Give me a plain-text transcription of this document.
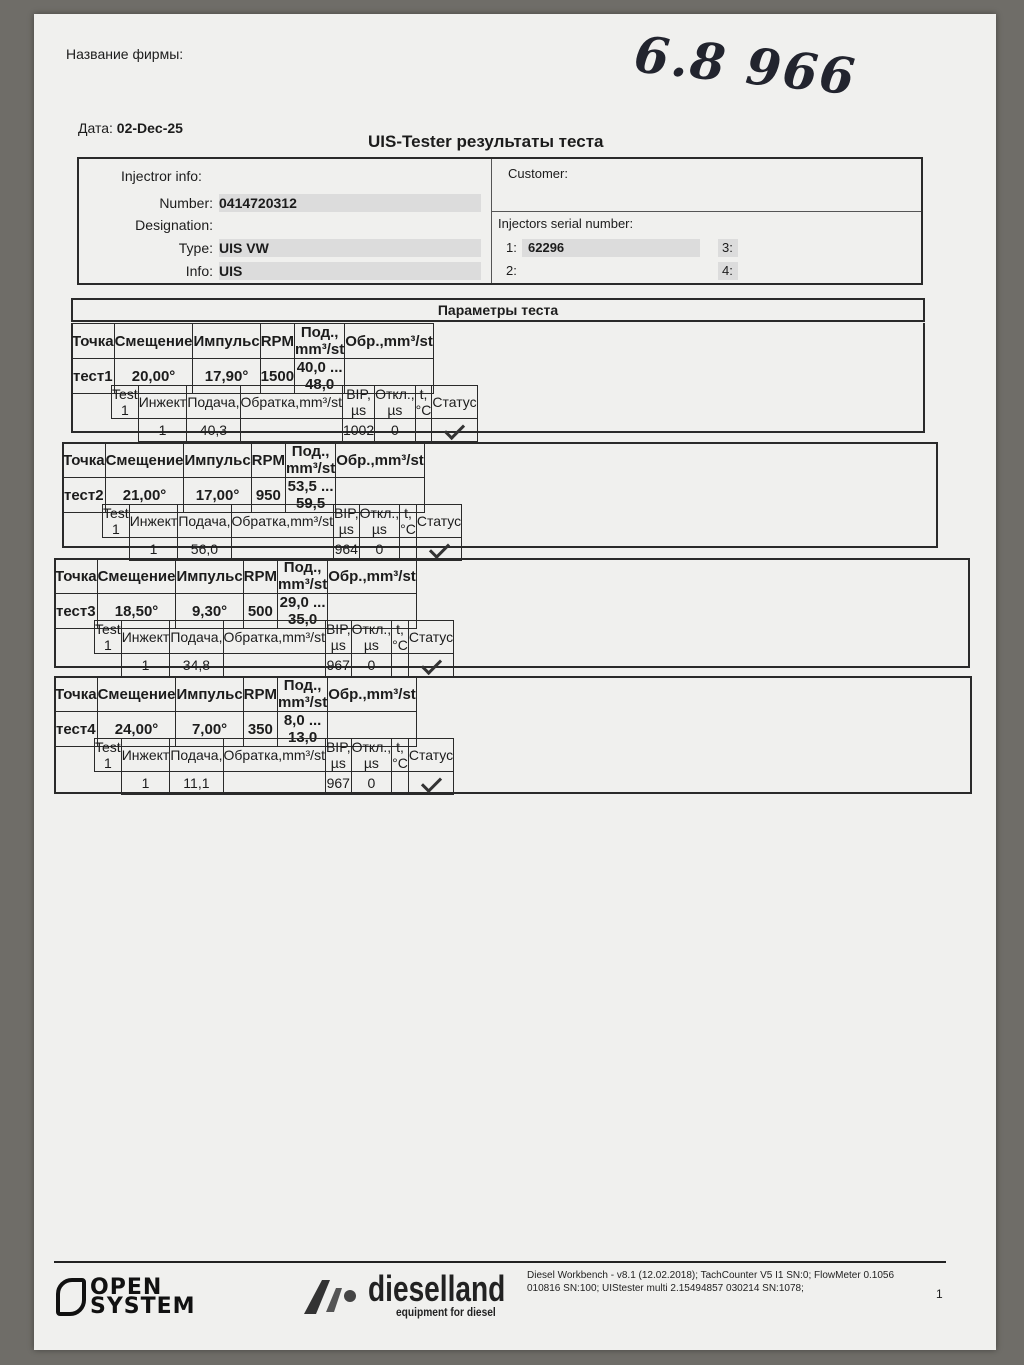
Название фирмы:	6.8 966
Дата: 02-Dec-25
UIS-Tester результаты теста
Injectror info:
Number: 0414720312
Designation:
Type: UIS VW
Info: UIS
Customer:
Injectors serial number:
1: 62296	3:
2:	4:
Параметры теста
Точка	Смещение	Импульс	RPM	Под., mm³/st	Обр.,mm³/st
тест1	20,00°	17,90°	1500	40,0 ... 48,0	
Test 1	Инжект	Подача,	Обратка,mm³/st	BIP, µs	Откл., µs	t,°C	Статус
	1	40,3		1002	0		
Точка	Смещение	Импульс	RPM	Под., mm³/st	Обр.,mm³/st
тест2	21,00°	17,00°	950	53,5 ... 59,5	
Test 1	Инжект	Подача,	Обратка,mm³/st	BIP, µs	Откл., µs	t,°C	Статус
	1	56,0		964	0		
Точка	Смещение	Импульс	RPM	Под., mm³/st	Обр.,mm³/st
тест3	18,50°	9,30°	500	29,0 ... 35,0	
Test 1	Инжект	Подача,	Обратка,mm³/st	BIP, µs	Откл., µs	t,°C	Статус
	1	34,8		967	0		
Точка	Смещение	Импульс	RPM	Под., mm³/st	Обр.,mm³/st
тест4	24,00°	7,00°	350	8,0 ... 13,0	
Test 1	Инжект	Подача,	Обратка,mm³/st	BIP, µs	Откл., µs	t,°C	Статус
	1	11,1		967	0		
OPEN
SYSTEM	dieselland
equipment for diesel
Diesel Workbench - v8.1 (12.02.2018); TachCounter V5 I1 SN:0; FlowMeter 0.1056 010816 SN:100; UIStester multi 2.15494857 030214 SN:1078;	1
